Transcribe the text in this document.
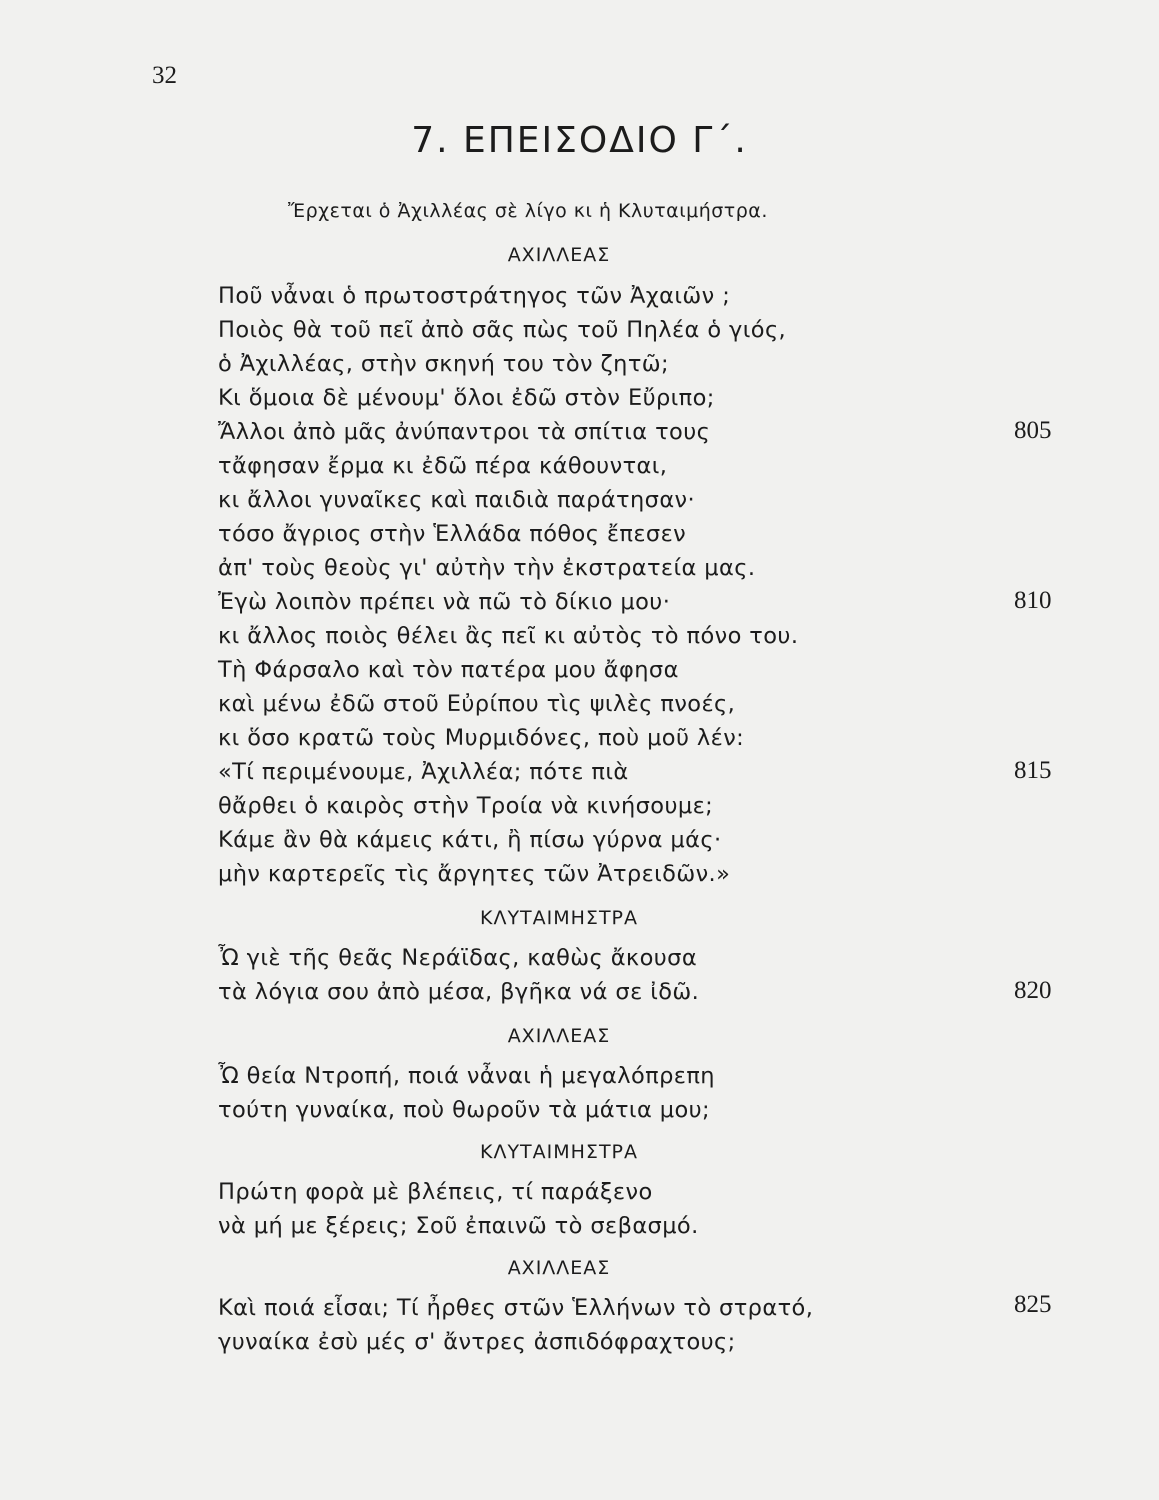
32
7. ΕΠΕΙΣΟΔΙΟ Γ΄.
Ἔρχεται ὁ Ἀχιλλέας σὲ λίγο κι ἡ Κλυταιμήστρα.
ΑΧΙΛΛΕΑΣ
Ποῦ νἆναι ὁ πρωτοστράτηγος τῶν Ἀχαιῶν ;
Ποιὸς θὰ τοῦ πεῖ ἀπὸ σᾶς πὼς τοῦ Πηλέα ὁ γιός,
ὁ Ἀχιλλέας, στὴν σκηνή του τὸν ζητῶ;
Κι ὅμοια δὲ μένουμ' ὅλοι ἐδῶ στὸν Εὔριπο;
Ἄλλοι ἀπὸ μᾶς ἀνύπαντροι τὰ σπίτια τους	805
τἄφησαν ἔρμα κι ἐδῶ πέρα κάθουνται,
κι ἄλλοι γυναῖκες καὶ παιδιὰ παράτησαν·
τόσο ἄγριος στὴν Ἑλλάδα πόθος ἔπεσεν
ἀπ' τοὺς θεοὺς γι' αὐτὴν τὴν ἐκστρατεία μας.
Ἐγὼ λοιπὸν πρέπει νὰ πῶ τὸ δίκιο μου·	810
κι ἄλλος ποιὸς θέλει ἂς πεῖ κι αὐτὸς τὸ πόνο του.
Τὴ Φάρσαλο καὶ τὸν πατέρα μου ἄφησα
καὶ μένω ἐδῶ στοῦ Εὐρίπου τὶς ψιλὲς πνοές,
κι ὅσο κρατῶ τοὺς Μυρμιδόνες, ποὺ μοῦ λέν:
«Τί περιμένουμε, Ἀχιλλέα; πότε πιὰ	815
θἄρθει ὁ καιρὸς στὴν Τροία νὰ κινήσουμε;
Κάμε ἂν θὰ κάμεις κάτι, ἢ πίσω γύρνα μάς·
μὴν καρτερεῖς τὶς ἄργητες τῶν Ἀτρειδῶν.»
ΚΛΥΤΑΙΜΗΣΤΡΑ
Ὦ γιὲ τῆς θεᾶς Νεράϊδας, καθὼς ἄκουσα
τὰ λόγια σου ἀπὸ μέσα, βγῆκα νά σε ἰδῶ.	820
ΑΧΙΛΛΕΑΣ
Ὦ θεία Ντροπή, ποιά νἆναι ἡ μεγαλόπρεπη
τούτη γυναίκα, ποὺ θωροῦν τὰ μάτια μου;
ΚΛΥΤΑΙΜΗΣΤΡΑ
Πρώτη φορὰ μὲ βλέπεις, τί παράξενο
νὰ μή με ξέρεις; Σοῦ ἐπαινῶ τὸ σεβασμό.
ΑΧΙΛΛΕΑΣ
Καὶ ποιά εἶσαι; Τί ἦρθες στῶν Ἑλλήνων τὸ στρατό,	825
γυναίκα ἐσὺ μές σ' ἄντρες ἀσπιδόφραχτους;
